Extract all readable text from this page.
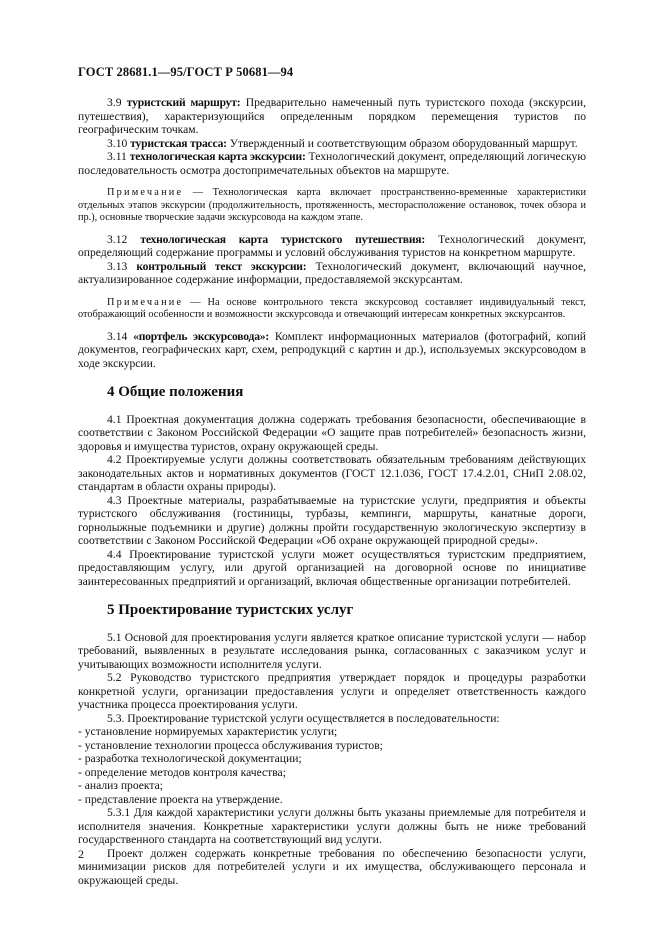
ГОСТ 28681.1—95/ГОСТ Р 50681—94

3.9 туристский маршрут: Предварительно намеченный путь туристского похода (экскурсии, путешествия), характеризующийся определенным порядком перемещения туристов по географическим точкам.

3.10 туристская трасса: Утвержденный и соответствующим образом оборудованный маршрут.

3.11 технологическая карта экскурсии: Технологический документ, определяющий логическую последовательность осмотра достопримечательных объектов на маршруте.

Примечание — Технологическая карта включает пространственно-временные характеристики отдельных этапов экскурсии (продолжительность, протяженность, месторасположение остановок, точек обзора и пр.), основные творческие задачи экскурсовода на каждом этапе.

3.12 технологическая карта туристского путешествия: Технологический документ, определяющий содержание программы и условий обслуживания туристов на конкретном маршруте.

3.13 контрольный текст экскурсии: Технологический документ, включающий научное, актуализированное содержание информации, предоставляемой экскурсантам.

Примечание — На основе контрольного текста экскурсовод составляет индивидуальный текст, отображающий особенности и возможности экскурсовода и отвечающий интересам конкретных экскурсантов.

3.14 «портфель экскурсовода»: Комплект информационных материалов (фотографий, копий документов, географических карт, схем, репродукций с картин и др.), используемых экскурсоводом в ходе экскурсии.

4 Общие положения

4.1 Проектная документация должна содержать требования безопасности, обеспечивающие в соответствии с Законом Российской Федерации «О защите прав потребителей» безопасность жизни, здоровья и имущества туристов, охрану окружающей среды.

4.2 Проектируемые услуги должны соответствовать обязательным требованиям действующих законодательных актов и нормативных документов (ГОСТ 12.1.036, ГОСТ 17.4.2.01, СНиП 2.08.02, стандартам в области охраны природы).

4.3 Проектные материалы, разрабатываемые на туристские услуги, предприятия и объекты туристского обслуживания (гостиницы, турбазы, кемпинги, маршруты, канатные дороги, горнолыжные подъемники и другие) должны пройти государственную экологическую экспертизу в соответствии с Законом Российской Федерации «Об охране окружающей природной среды».

4.4 Проектирование туристской услуги может осуществляться туристским предприятием, предоставляющим услугу, или другой организацией на договорной основе по инициативе заинтересованных предприятий и организаций, включая общественные организации потребителей.

5 Проектирование туристских услуг

5.1 Основой для проектирования услуги является краткое описание туристской услуги — набор требований, выявленных в результате исследования рынка, согласованных с заказчиком услуг и учитывающих возможности исполнителя услуги.

5.2 Руководство туристского предприятия утверждает порядок и процедуры разработки конкретной услуги, организации предоставления услуги и определяет ответственность каждого участника процесса проектирования услуги.

5.3. Проектирование туристской услуги осуществляется в последовательности:

- установление нормируемых характеристик услуги;

- установление технологии процесса обслуживания туристов;

- разработка технологической документации;

- определение методов контроля качества;

- анализ проекта;

- представление проекта на утверждение.

5.3.1 Для каждой характеристики услуги должны быть указаны приемлемые для потребителя и исполнителя значения. Конкретные характеристики услуги должны быть не ниже требований государственного стандарта на соответствующий вид услуги.

Проект должен содержать конкретные требования по обеспечению безопасности услуги, минимизации рисков для потребителей услуги и их имущества, обслуживающего персонала и окружающей среды.

2
